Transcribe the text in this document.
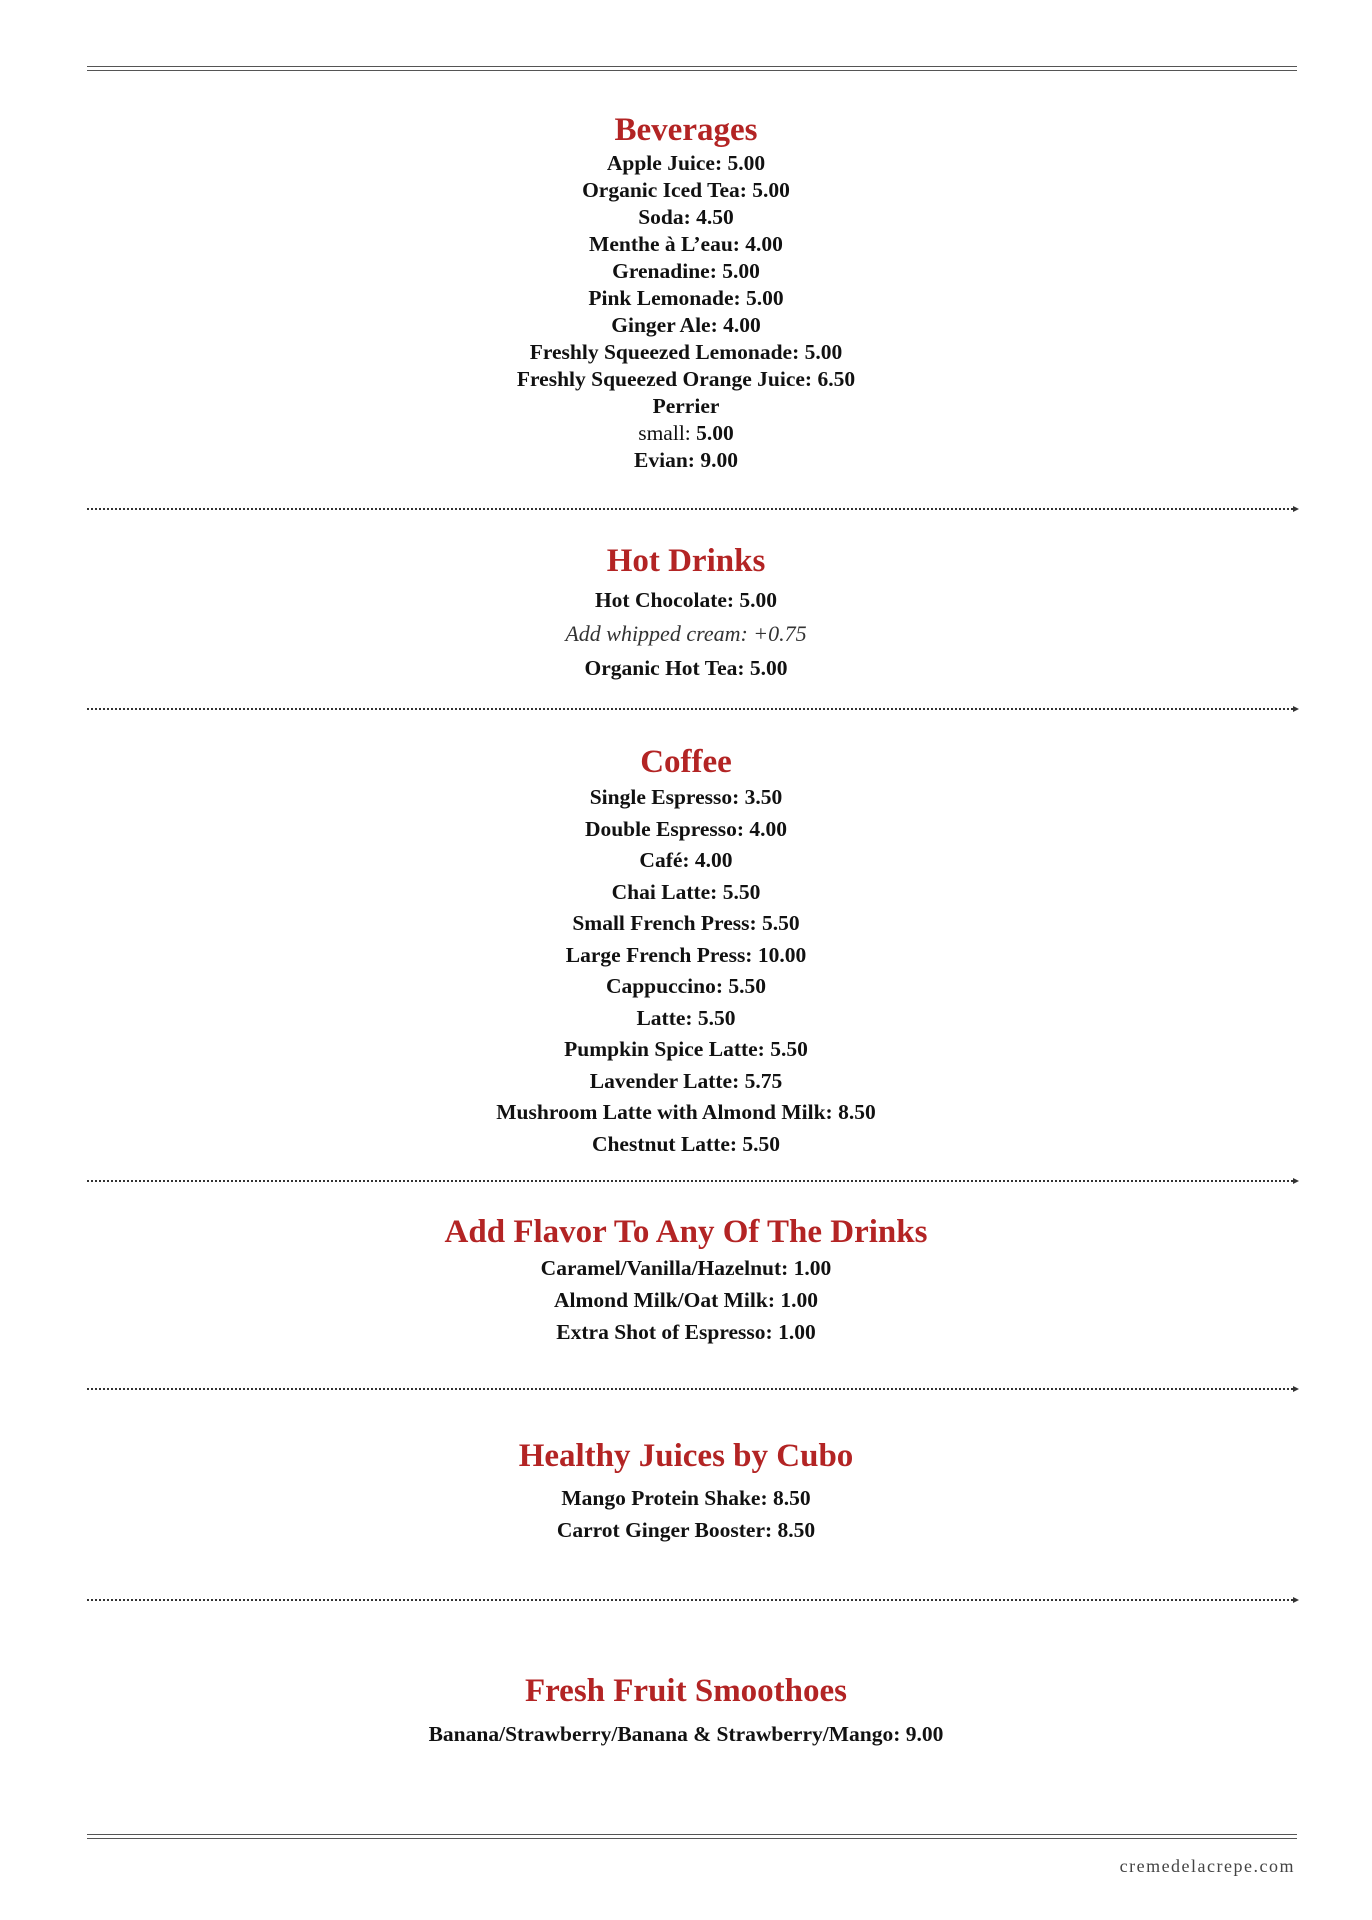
Beverages
Apple Juice: 5.00
Organic Iced Tea: 5.00
Soda: 4.50
Menthe à L’eau: 4.00
Grenadine: 5.00
Pink Lemonade: 5.00
Ginger Ale: 4.00
Freshly Squeezed Lemonade: 5.00
Freshly Squeezed Orange Juice: 6.50
Perrier
small: 5.00
Evian: 9.00
Hot Drinks
Hot Chocolate: 5.00
Add whipped cream: +0.75
Organic Hot Tea: 5.00
Coffee
Single Espresso: 3.50
Double Espresso: 4.00
Café: 4.00
Chai Latte: 5.50
Small French Press: 5.50
Large French Press: 10.00
Cappuccino: 5.50
Latte: 5.50
Pumpkin Spice Latte: 5.50
Lavender Latte: 5.75
Mushroom Latte with Almond Milk: 8.50
Chestnut Latte: 5.50
Add Flavor To Any Of The Drinks
Caramel/Vanilla/Hazelnut: 1.00
Almond Milk/Oat Milk: 1.00
Extra Shot of Espresso: 1.00
Healthy Juices by Cubo
Mango Protein Shake: 8.50
Carrot Ginger Booster: 8.50
Fresh Fruit Smoothoes
Banana/Strawberry/Banana & Strawberry/Mango: 9.00
cremedelacrepe.com
